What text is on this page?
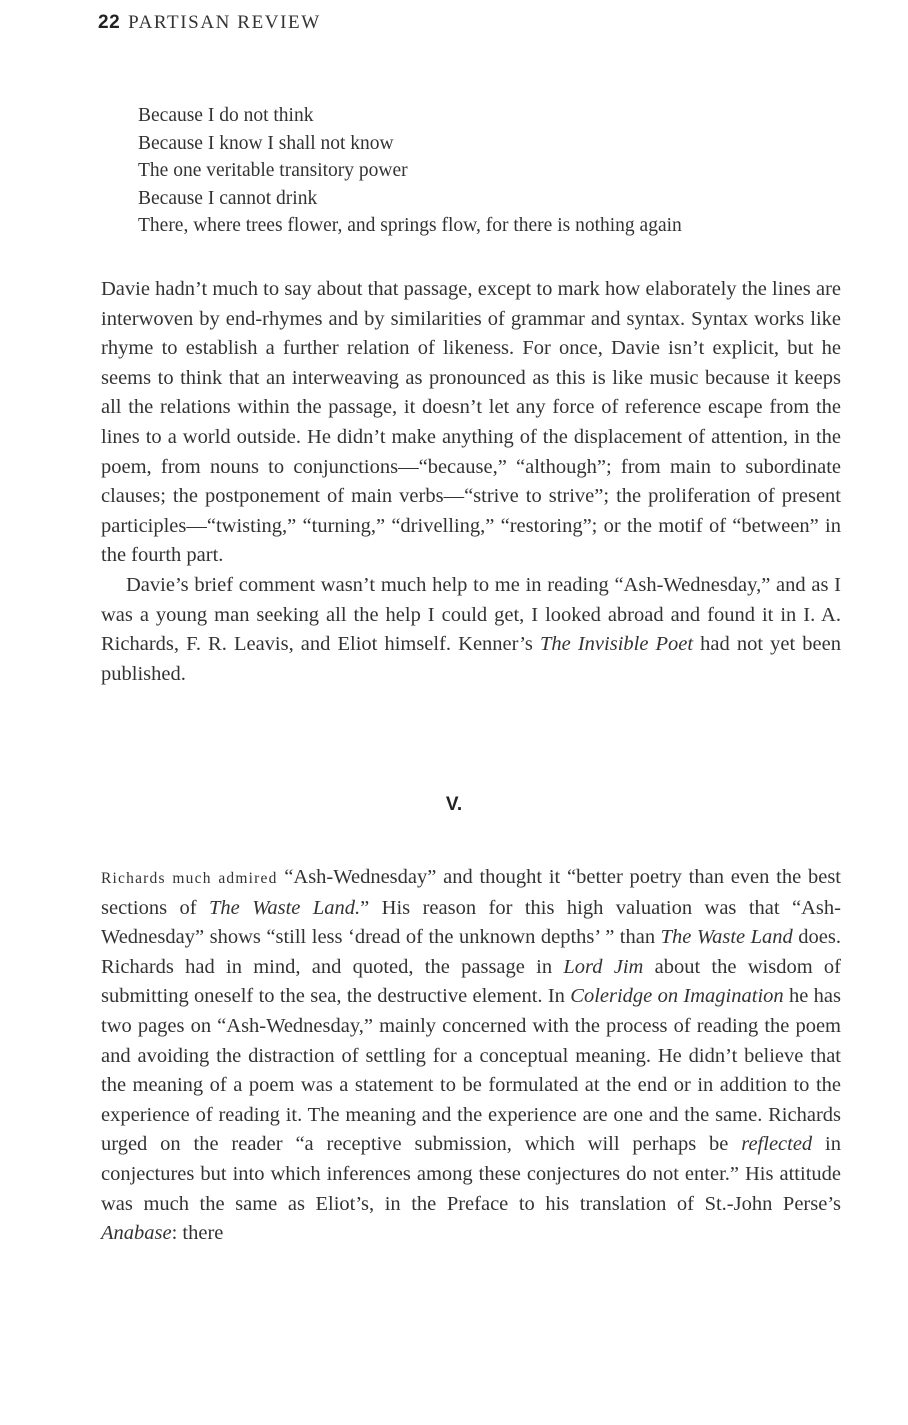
22 PARTISAN REVIEW
Because I do not think
Because I know I shall not know
The one veritable transitory power
Because I cannot drink
There, where trees flower, and springs flow, for there is nothing again

Davie hadn’t much to say about that passage, except to mark how elaborately the lines are interwoven by end-rhymes and by similarities of grammar and syntax. Syntax works like rhyme to establish a further relation of likeness. For once, Davie isn’t explicit, but he seems to think that an interweaving as pronounced as this is like music because it keeps all the relations within the passage, it doesn’t let any force of reference escape from the lines to a world outside. He didn’t make anything of the displacement of attention, in the poem, from nouns to conjunctions—“because,” “although”; from main to subordinate clauses; the postponement of main verbs—“strive to strive”; the proliferation of present participles—“twisting,” “turning,” “drivelling,” “restoring”; or the motif of “between” in the fourth part.

Davie’s brief comment wasn’t much help to me in reading “Ash-Wednesday,” and as I was a young man seeking all the help I could get, I looked abroad and found it in I. A. Richards, F. R. Leavis, and Eliot himself. Kenner’s The Invisible Poet had not yet been published.

V.

Richards much admired “Ash-Wednesday” and thought it “better poetry than even the best sections of The Waste Land.” His reason for this high valuation was that “Ash-Wednesday” shows “still less ‘dread of the unknown depths’ ” than The Waste Land does. Richards had in mind, and quoted, the passage in Lord Jim about the wisdom of submitting oneself to the sea, the destructive element. In Coleridge on Imagination he has two pages on “Ash-Wednesday,” mainly concerned with the process of reading the poem and avoiding the distraction of settling for a conceptual meaning. He didn’t believe that the meaning of a poem was a statement to be formulated at the end or in addition to the experience of reading it. The meaning and the experience are one and the same. Richards urged on the reader “a receptive submission, which will perhaps be reflected in conjectures but into which inferences among these conjectures do not enter.” His attitude was much the same as Eliot’s, in the Preface to his translation of St.-John Perse’s Anabase: there
